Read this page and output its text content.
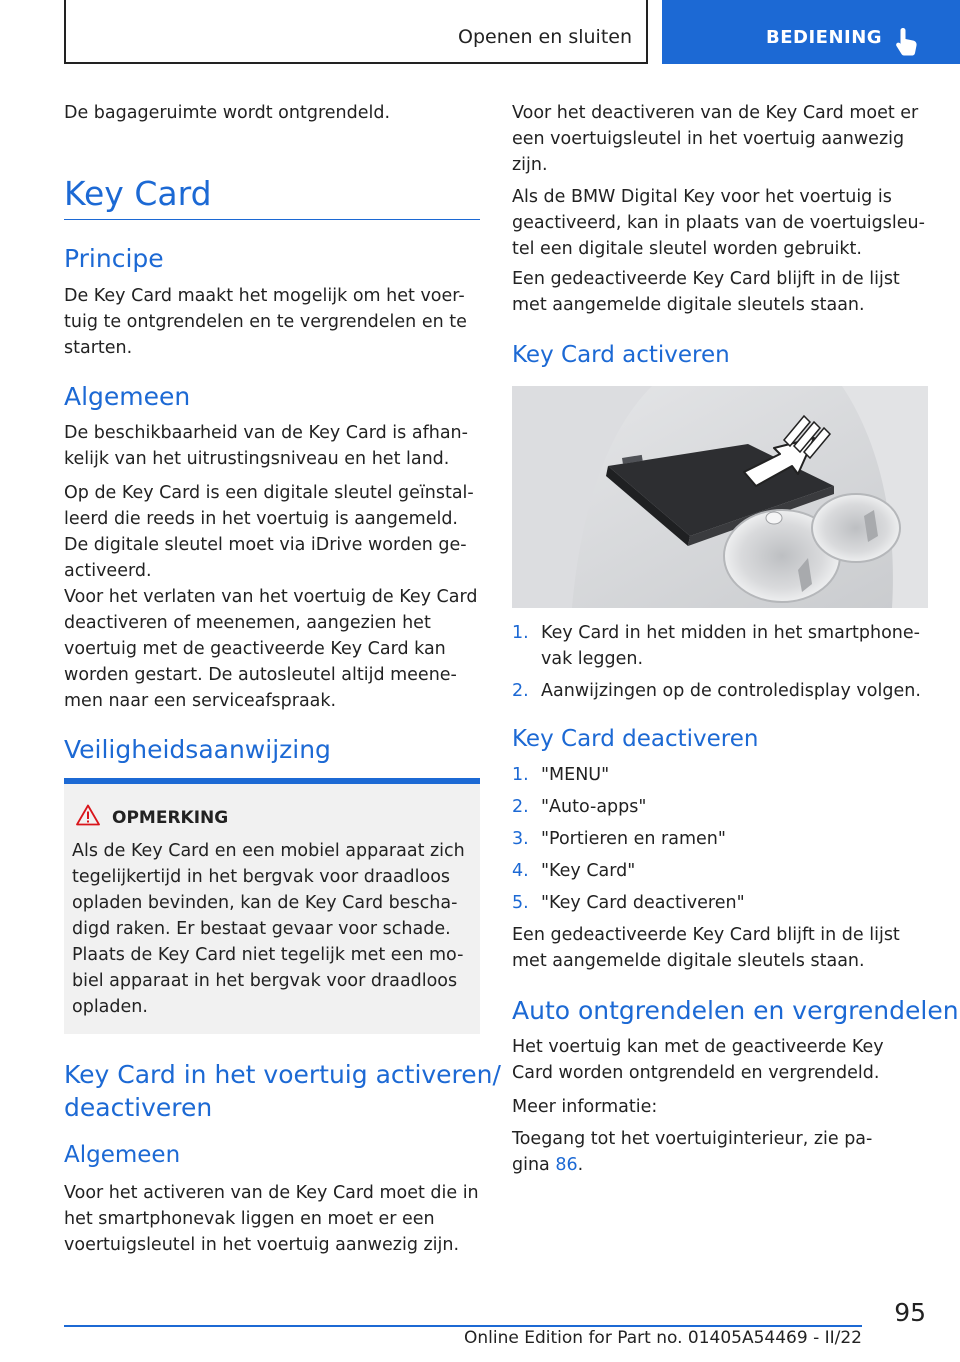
Openen en sluiten	BEDIENING

De bagageruimte wordt ontgrendeld.

Key Card
Principe

De Key Card maakt het mogelijk om het voer-

tuig te ontgrendelen en te vergrendelen en te

starten.

Algemeen

De beschikbaarheid van de Key Card is afhan-

kelijk van het uitrustingsniveau en het land.

Op de Key Card is een digitale sleutel geïnstal-

leerd die reeds in het voertuig is aangemeld.

De digitale sleutel moet via iDrive worden ge-

activeerd.

Voor het verlaten van het voertuig de Key Card

deactiveren of meenemen, aangezien het

voertuig met de geactiveerde Key Card kan

worden gestart. De autosleutel altijd meene-

men naar een serviceafspraak.

Veiligheidsaanwijzing
OPMERKING

Als de Key Card en een mobiel apparaat zich

tegelijkertijd in het bergvak voor draadloos

opladen bevinden, kan de Key Card bescha-

digd raken. Er bestaat gevaar voor schade.

Plaats de Key Card niet tegelijk met een mo-

biel apparaat in het bergvak voor draadloos

opladen.

Key Card in het voertuig activeren/
deactiveren
Algemeen

Voor het activeren van de Key Card moet die in

het smartphonevak liggen en moet er een

voertuigsleutel in het voertuig aanwezig zijn.

Voor het deactiveren van de Key Card moet er

een voertuigsleutel in het voertuig aanwezig

zijn.

Als de BMW Digital Key voor het voertuig is

geactiveerd, kan in plaats van de voertuigsleu-

tel een digitale sleutel worden gebruikt.

Een gedeactiveerde Key Card blijft in de lijst

met aangemelde digitale sleutels staan.

Key Card activeren
1. Key Card in het midden in het smartphone-
vak leggen.
2. Aanwijzingen op de controledisplay volgen.
Key Card deactiveren
1. "MENU"
2. "Auto-apps"
3. "Portieren en ramen"
4. "Key Card"
5. "Key Card deactiveren"

Een gedeactiveerde Key Card blijft in de lijst

met aangemelde digitale sleutels staan.

Auto ontgrendelen en vergrendelen

Het voertuig kan met de geactiveerde Key

Card worden ontgrendeld en vergrendeld.

Meer informatie:

Toegang tot het voertuiginterieur, zie pa-

gina 86.

95
Online Edition for Part no. 01405A54469 - II/22
